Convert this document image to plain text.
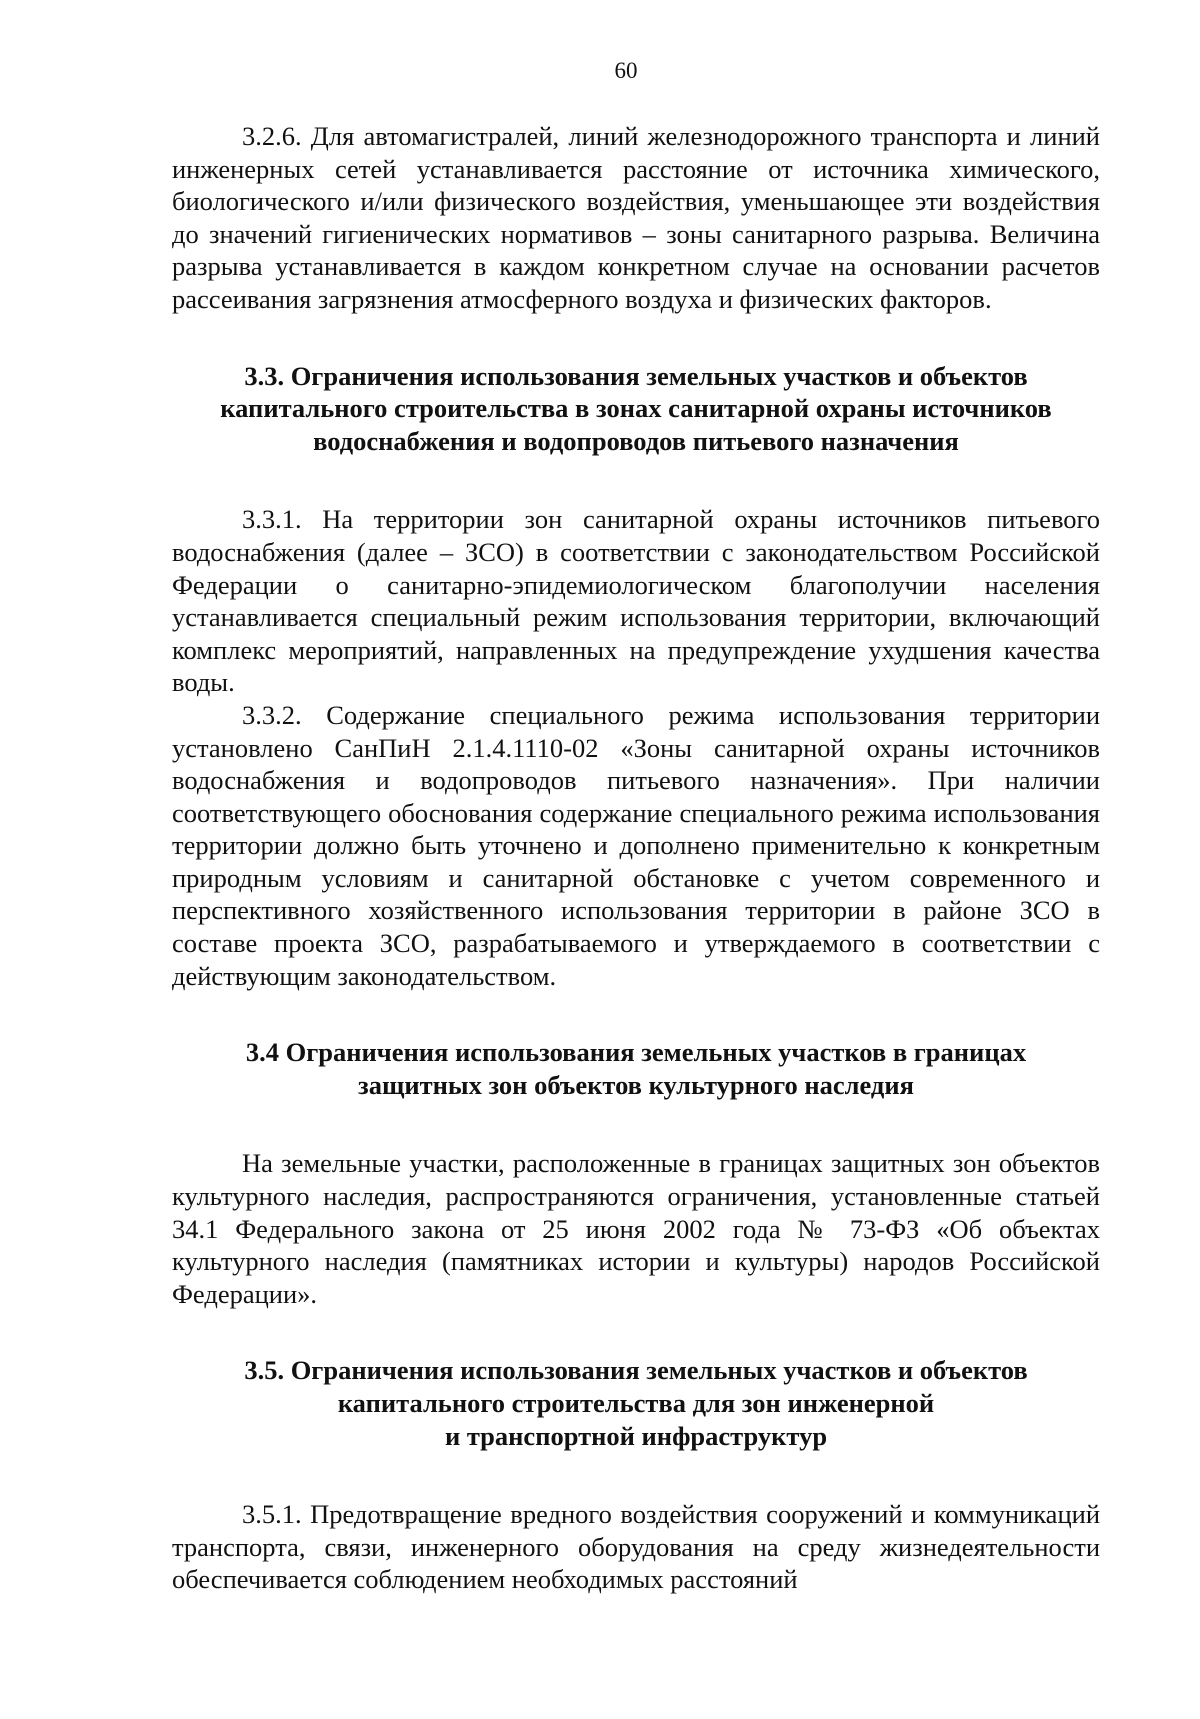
60

3.2.6. Для автомагистралей, линий железнодорожного транспорта и линий инженерных сетей устанавливается расстояние от источника химического, биологического и/или физического воздействия, уменьшающее эти воздействия до значений гигиенических нормативов – зоны санитарного разрыва. Величина разрыва устанавливается в каждом конкретном случае на основании расчетов рассеивания загрязнения атмосферного воздуха и физических факторов.

3.3. Ограничения использования земельных участков и объектов
капитального строительства в зонах санитарной охраны источников
водоснабжения и водопроводов питьевого назначения

3.3.1. На территории зон санитарной охраны источников питьевого водоснабжения (далее – ЗСО) в соответствии с законодательством Российской Федерации о санитарно-эпидемиологическом благополучии населения устанавливается специальный режим использования территории, включающий комплекс мероприятий, направленных на предупреждение ухудшения качества воды.

3.3.2. Содержание специального режима использования территории установлено СанПиН 2.1.4.1110-02 «Зоны санитарной охраны источников водоснабжения и водопроводов питьевого назначения». При наличии соответствующего обоснования содержание специального режима использования территории должно быть уточнено и дополнено применительно к конкретным природным условиям и санитарной обстановке с учетом современного и перспективного хозяйственного использования территории в районе ЗСО в составе проекта ЗСО, разрабатываемого и утверждаемого в соответствии с действующим законодательством.

3.4 Ограничения использования земельных участков в границах
защитных зон объектов культурного наследия

На земельные участки, расположенные в границах защитных зон объектов культурного наследия, распространяются ограничения, установленные статьей 34.1 Федерального закона от 25 июня 2002 года № 73-ФЗ «Об объектах культурного наследия (памятниках истории и культуры) народов Российской Федерации».

3.5. Ограничения использования земельных участков и объектов
капитального строительства для зон инженерной
и транспортной инфраструктур

3.5.1. Предотвращение вредного воздействия сооружений и коммуникаций транспорта, связи, инженерного оборудования на среду жизнедеятельности обеспечивается соблюдением необходимых расстояний
